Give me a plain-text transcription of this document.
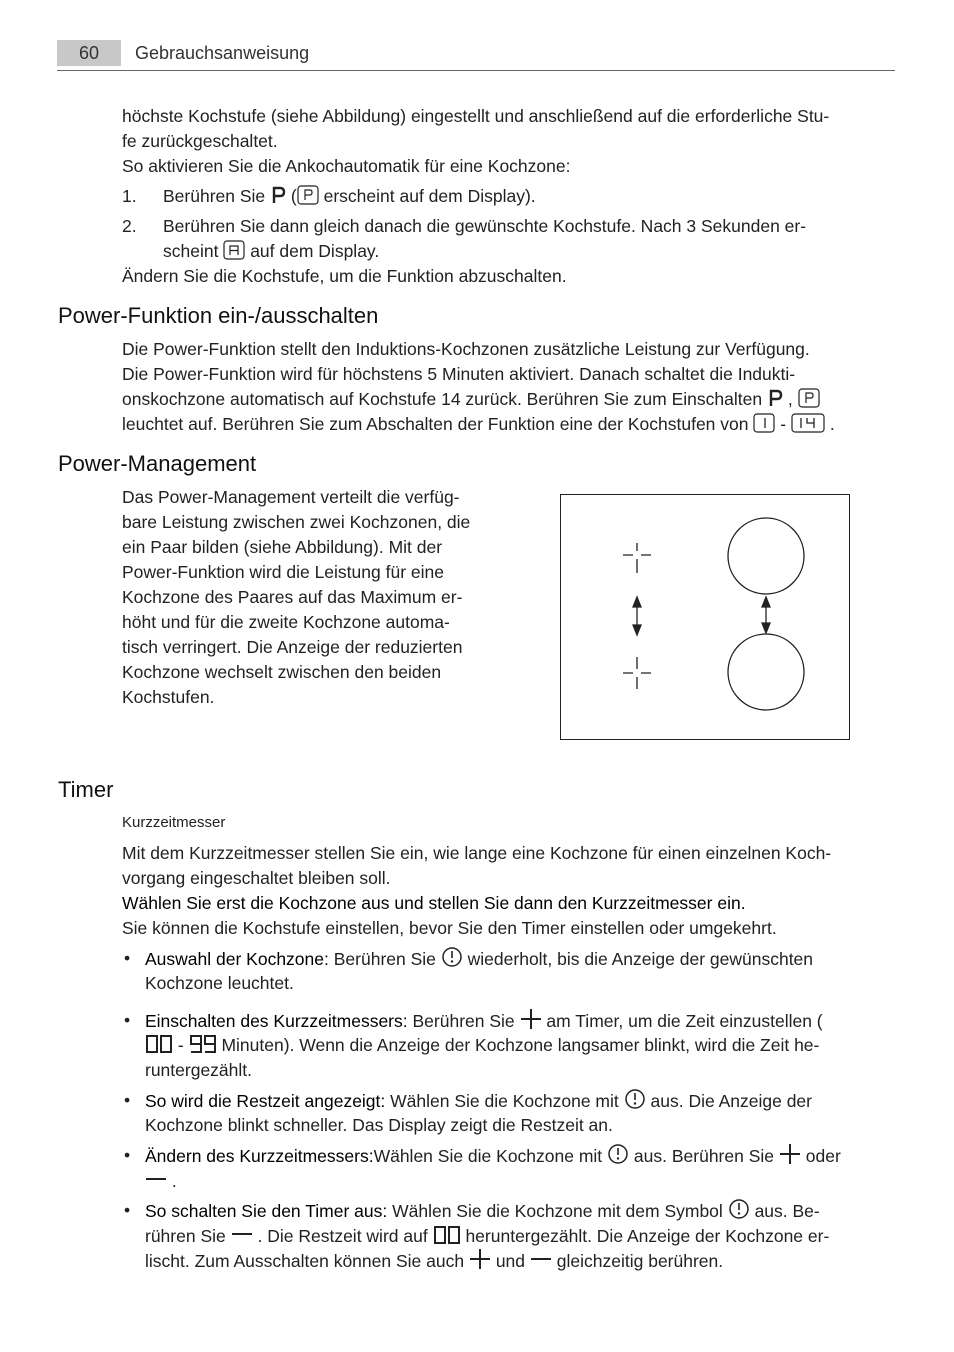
60	Gebrauchsanweisung
höchste Kochstufe (siehe Abbildung) eingestellt und anschließend auf die erforderliche Stu-
fe zurückgeschaltet.
So aktivieren Sie die Ankochautomatik für eine Kochzone:
1. Berühren Sie ( erscheint auf dem Display).
2. Berühren Sie dann gleich danach die gewünschte Kochstufe. Nach 3 Sekunden er-
scheint auf dem Display.
Ändern Sie die Kochstufe, um die Funktion abzuschalten.
Power-Funktion ein-/ausschalten
Die Power-Funktion stellt den Induktions-Kochzonen zusätzliche Leistung zur Verfügung.
Die Power-Funktion wird für höchstens 5 Minuten aktiviert. Danach schaltet die Indukti-
onskochzone automatisch auf Kochstufe 14 zurück. Berühren Sie zum Einschalten ,
leuchtet auf. Berühren Sie zum Abschalten der Funktion eine der Kochstufen von -	.
Power-Management
Das Power-Management verteilt die verfüg-
bare Leistung zwischen zwei Kochzonen, die
ein Paar bilden (siehe Abbildung). Mit der
Power-Funktion wird die Leistung für eine
Kochzone des Paares auf das Maximum er-
höht und für die zweite Kochzone automa-
tisch verringert. Die Anzeige der reduzierten
Kochzone wechselt zwischen den beiden
Kochstufen.
Timer
Kurzzeitmesser
Mit dem Kurzzeitmesser stellen Sie ein, wie lange eine Kochzone für einen einzelnen Koch-
vorgang eingeschaltet bleiben soll.
Wählen Sie erst die Kochzone aus und stellen Sie dann den Kurzzeitmesser ein.
Sie können die Kochstufe einstellen, bevor Sie den Timer einstellen oder umgekehrt.
• Auswahl der Kochzone: Berühren Sie wiederholt, bis die Anzeige der gewünschten
Kochzone leuchtet.
• Einschalten des Kurzzeitmessers: Berühren Sie am Timer, um die Zeit einzustellen (
- Minuten). Wenn die Anzeige der Kochzone langsamer blinkt, wird die Zeit he-
runtergezählt.
• So wird die Restzeit angezeigt: Wählen Sie die Kochzone mit aus. Die Anzeige der
Kochzone blinkt schneller. Das Display zeigt die Restzeit an.
• Ändern des Kurzzeitmessers:Wählen Sie die Kochzone mit aus. Berühren Sie oder
.
• So schalten Sie den Timer aus: Wählen Sie die Kochzone mit dem Symbol aus. Be-
rühren Sie . Die Restzeit wird auf heruntergezählt. Die Anzeige der Kochzone er-
lischt. Zum Ausschalten können Sie auch und gleichzeitig berühren.
